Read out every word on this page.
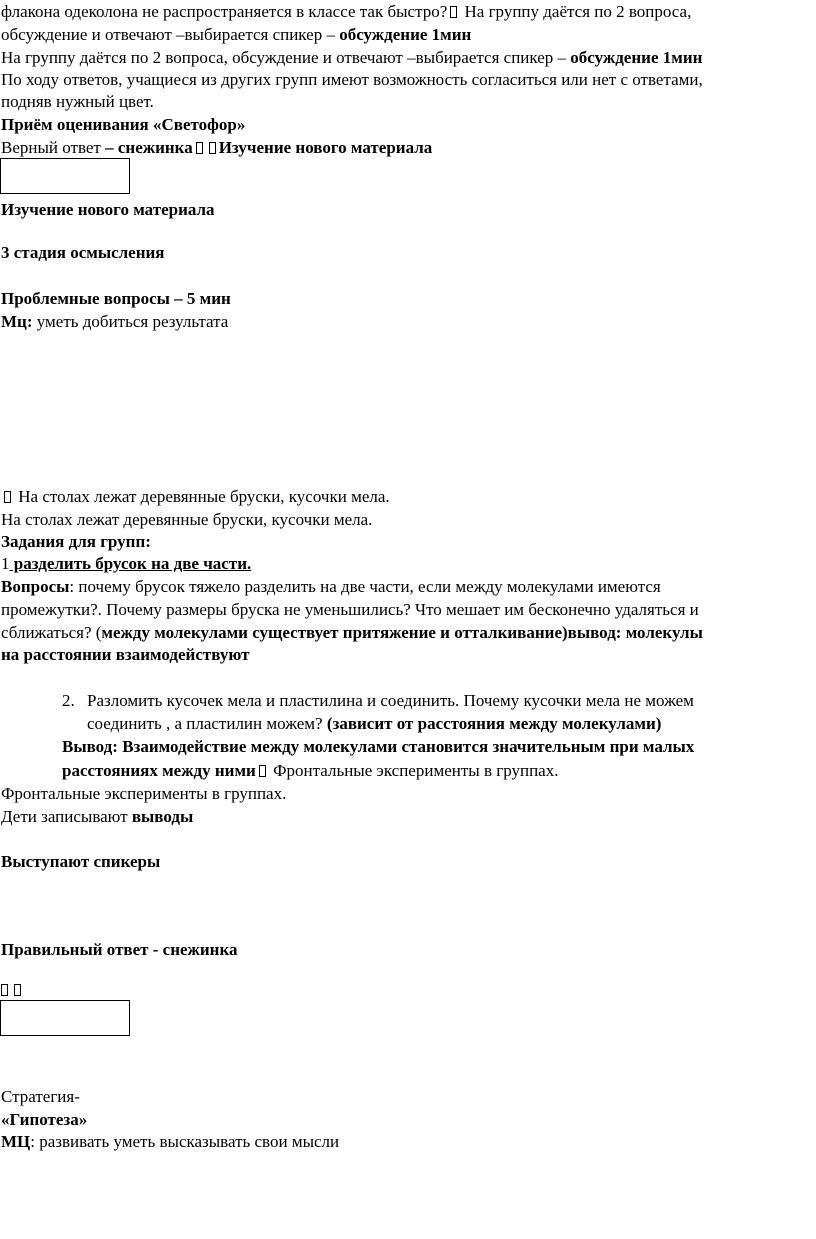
флакона одеколона не распространяется в классе так быстро? На группу даётся по 2 вопроса,
обсуждение и отвечают –выбирается спикер – обсуждение 1мин
На группу даётся по 2 вопроса, обсуждение и отвечают –выбирается спикер – обсуждение 1мин
По ходу ответов, учащиеся из других групп имеют возможность согласиться или нет с ответами,
подняв нужный цвет.
Приём оценивания «Светофор»
Верный ответ – снежинка Изучение нового материала
Изучение нового материала
3 стадия осмысления
Проблемные вопросы – 5 мин
Мц: уметь добиться результата
На столах лежат деревянные бруски, кусочки мела.
На столах лежат деревянные бруски, кусочки мела.
Задания для групп:
1 разделить брусок на две части.
Вопросы: почему брусок тяжело разделить на две части, если между молекулами имеются
промежутки?. Почему размеры бруска не уменьшились? Что мешает им бесконечно удаляться и
сближаться? (между молекулами существует притяжение и отталкивание)вывод: молекулы
на расстоянии взаимодействуют
2. Разломить кусочек мела и пластилина и соединить. Почему кусочки мела не можем
соединить , а пластилин можем? (зависит от расстояния между молекулами)
Вывод: Взаимодействие между молекулами становится значительным при малых
расстояниях между ними Фронтальные эксперименты в группах.
Фронтальные эксперименты в группах.
Дети записывают выводы
Выступают спикеры
Правильный ответ - снежинка
Стратегия-
«Гипотеза»
МЦ: развивать уметь высказывать свои мысли
